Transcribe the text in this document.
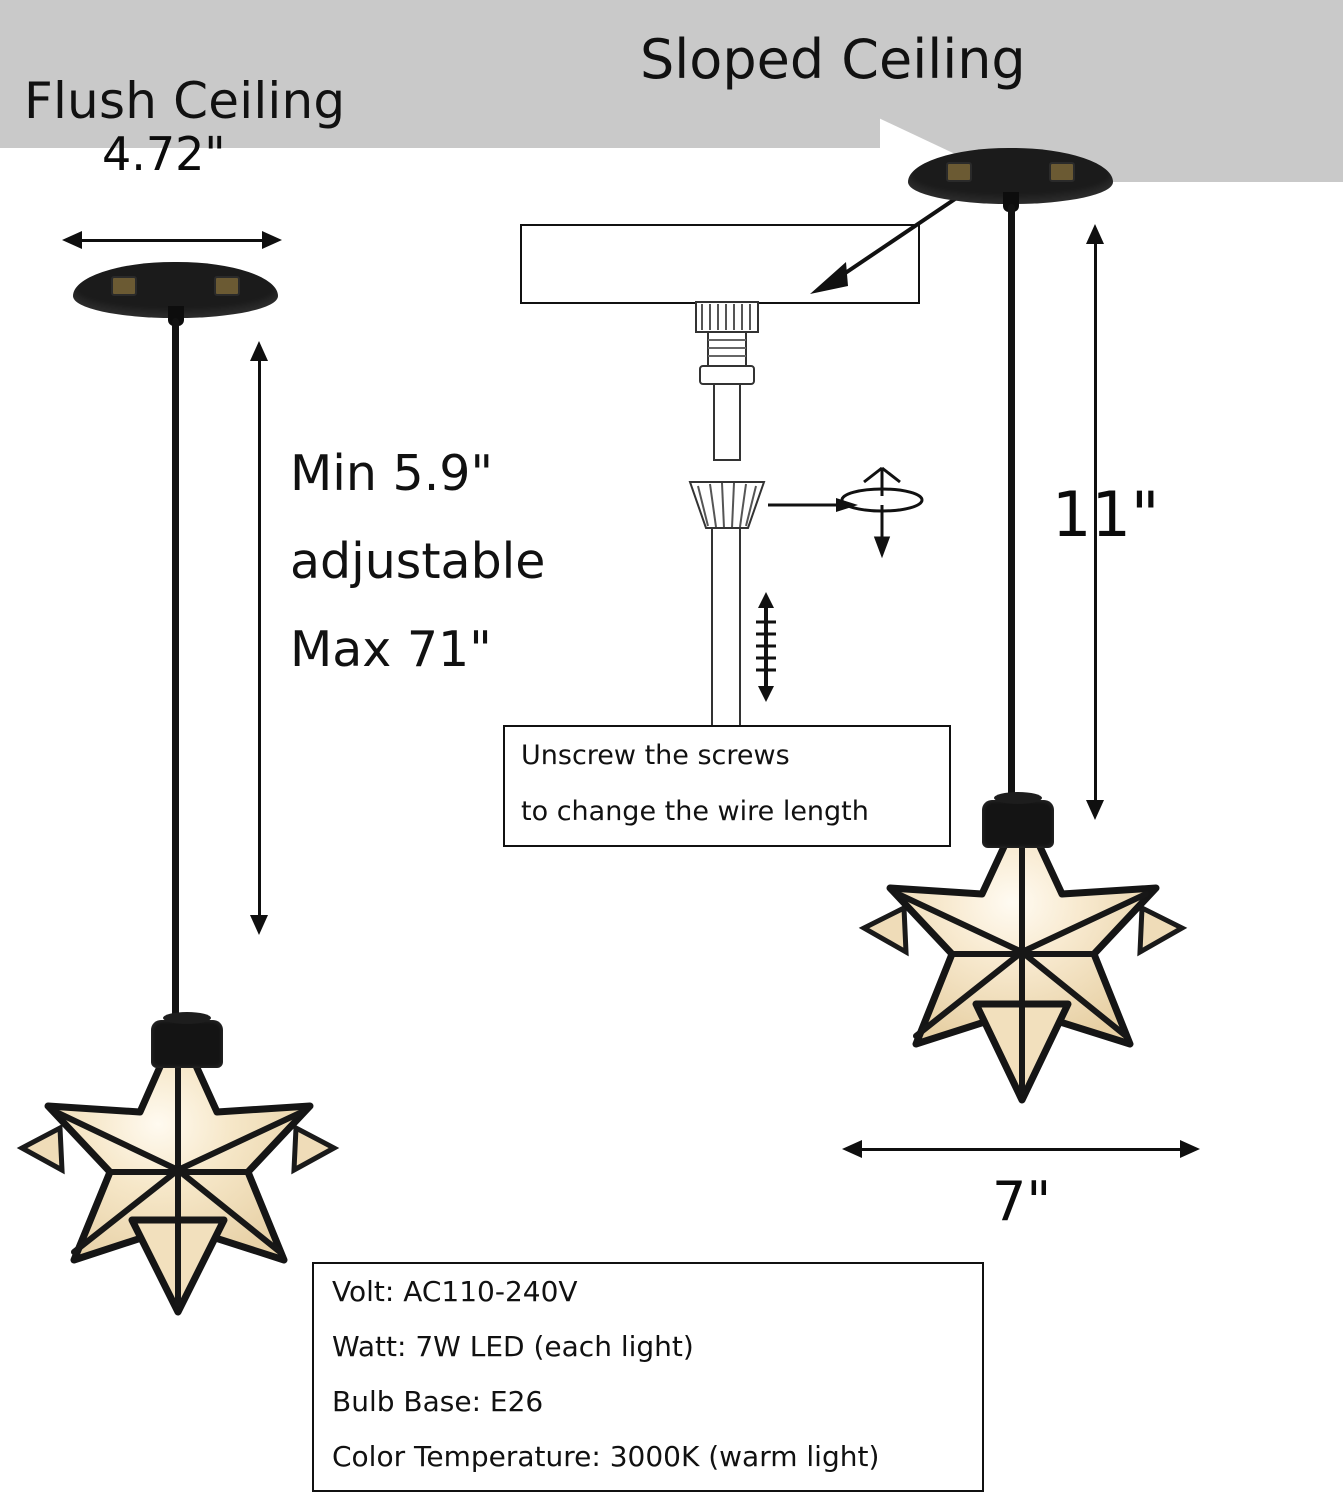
Flush Ceiling
Sloped Ceiling
4.72"
Min 5.9"
adjustable
Max 71"
Unscrew the screws
to change the wire length
11"
7"
Volt: AC110-240V
Watt: 7W LED (each light)
Bulb Base: E26
Color Temperature: 3000K (warm light)
